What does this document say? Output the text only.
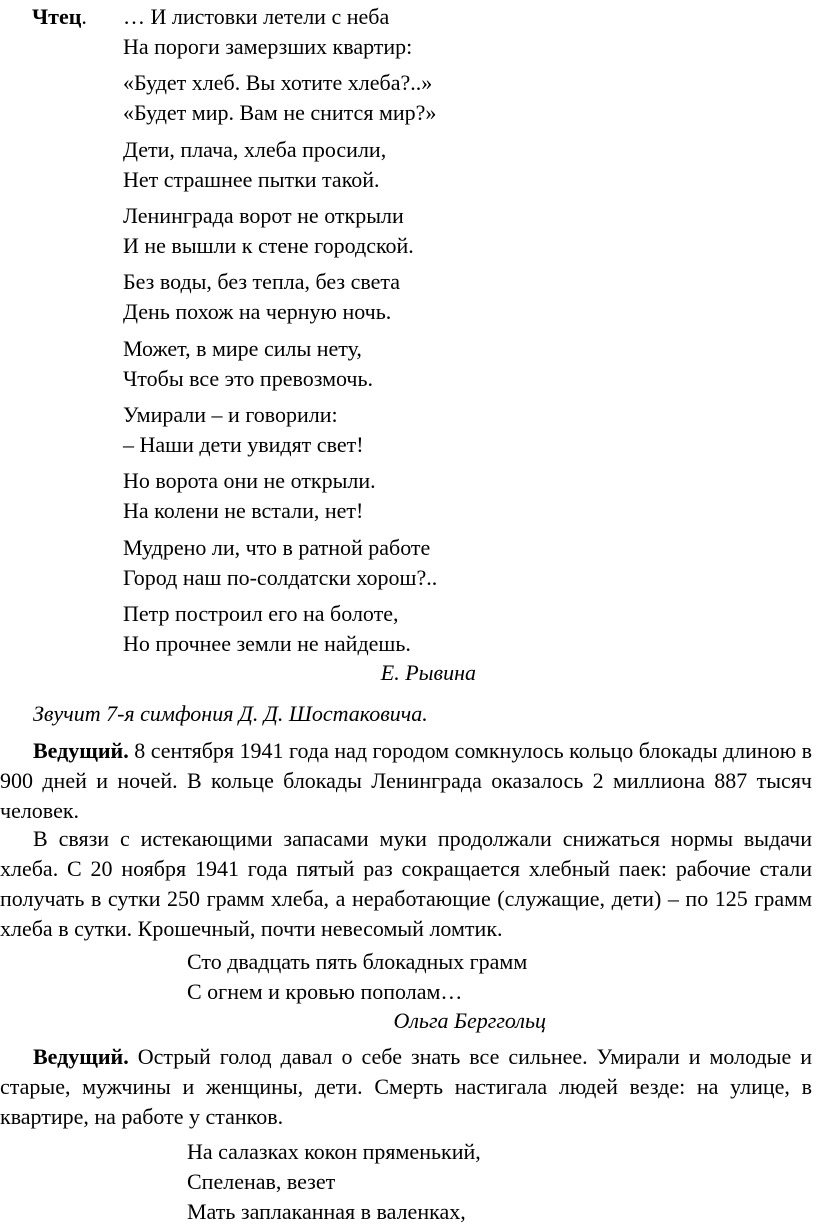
Чтец. … И листовки летели с неба
На пороги замерзших квартир:
«Будет хлеб. Вы хотите хлеба?..»
«Будет мир. Вам не снится мир?»
Дети, плача, хлеба просили,
Нет страшнее пытки такой.
Ленинграда ворот не открыли
И не вышли к стене городской.
Без воды, без тепла, без света
День похож на черную ночь.
Может, в мире силы нету,
Чтобы все это превозмочь.
Умирали – и говорили:
– Наши дети увидят свет!
Но ворота они не открыли.
На колени не встали, нет!
Мудрено ли, что в ратной работе
Город наш по-солдатски хорош?..
Петр построил его на болоте,
Но прочнее земли не найдешь.
Е. Рывина
Звучит 7-я симфония Д. Д. Шостаковича.
Ведущий. 8 сентября 1941 года над городом сомкнулось кольцо блокады длиною в 900 дней и ночей. В кольце блокады Ленинграда оказалось 2 миллиона 887 тысяч человек.
В связи с истекающими запасами муки продолжали снижаться нормы выдачи хлеба. С 20 ноября 1941 года пятый раз сокращается хлебный паек: рабочие стали получать в сутки 250 грамм хлеба, а неработающие (служащие, дети) – по 125 грамм хлеба в сутки. Крошечный, почти невесомый ломтик.
Сто двадцать пять блокадных грамм
С огнем и кровью пополам…
Ольга Берггольц
Ведущий. Острый голод давал о себе знать все сильнее. Умирали и молодые и старые, мужчины и женщины, дети. Смерть настигала людей везде: на улице, в квартире, на работе у станков.
На салазках кокон пряменький,
Спеленав, везет
Мать заплаканная в валенках,
